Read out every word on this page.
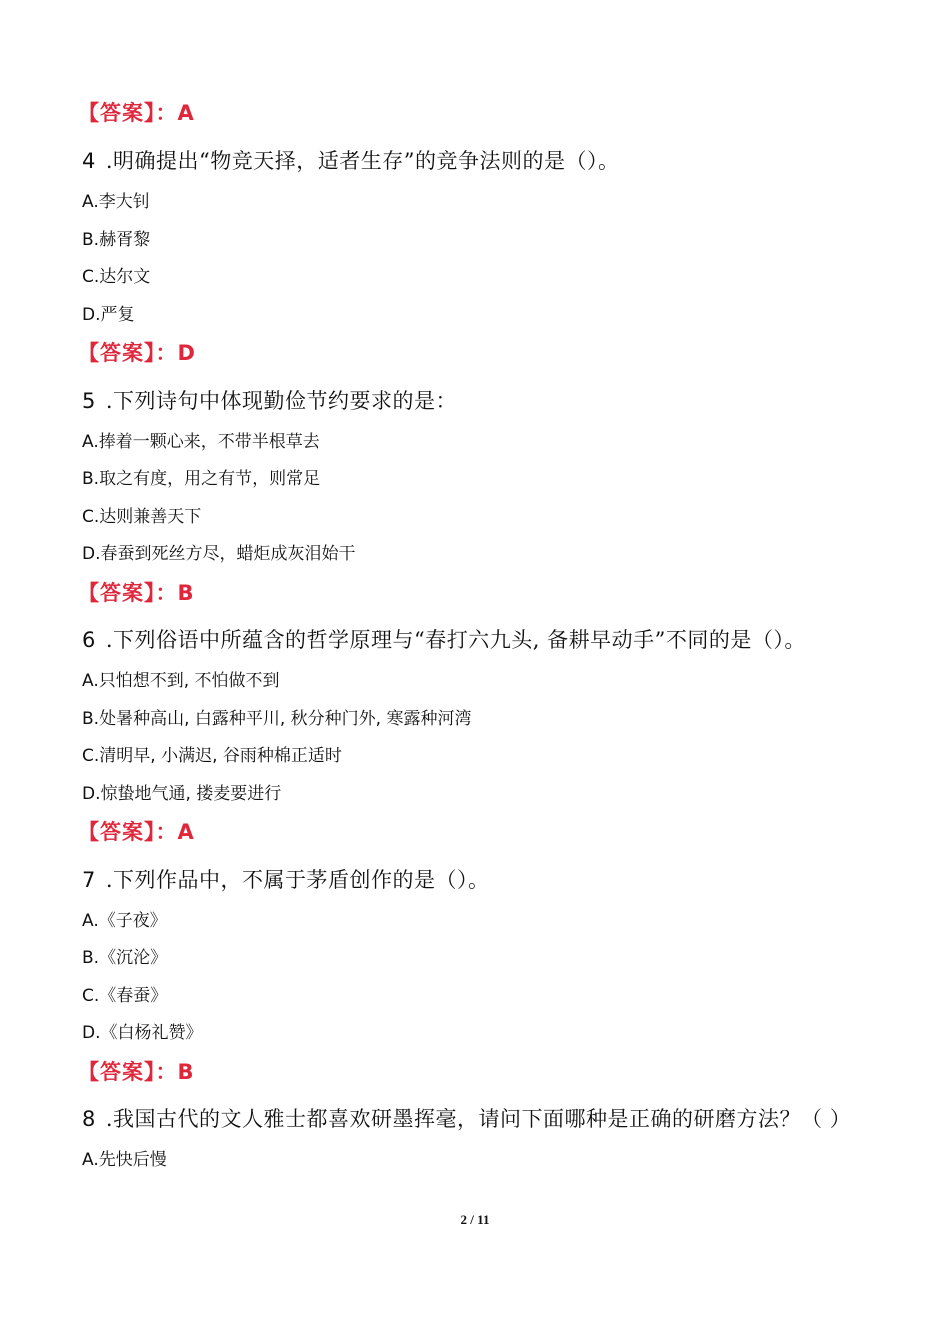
【答案】：A
4 .明确提出“物竞天择，适者生存”的竞争法则的是（）。
A.李大钊
B.赫胥黎
C.达尔文
D.严复
【答案】：D
5 .下列诗句中体现勤俭节约要求的是：
A.捧着一颗心来，不带半根草去
B.取之有度，用之有节，则常足
C.达则兼善天下
D.春蚕到死丝方尽，蜡炬成灰泪始干
【答案】：B
6 .下列俗语中所蕴含的哲学原理与“春打六九头, 备耕早动手”不同的是（）。
A.只怕想不到, 不怕做不到
B.处暑种高山, 白露种平川, 秋分种门外, 寒露种河湾
C.清明早, 小满迟, 谷雨种棉正适时
D.惊蛰地气通, 搂麦要进行
【答案】：A
7 .下列作品中，不属于茅盾创作的是（）。
A.《子夜》
B.《沉沦》
C.《春蚕》
D.《白杨礼赞》
【答案】：B
8 .我国古代的文人雅士都喜欢研墨挥毫，请问下面哪种是正确的研磨方法？（ ）
A.先快后慢
2 / 11
